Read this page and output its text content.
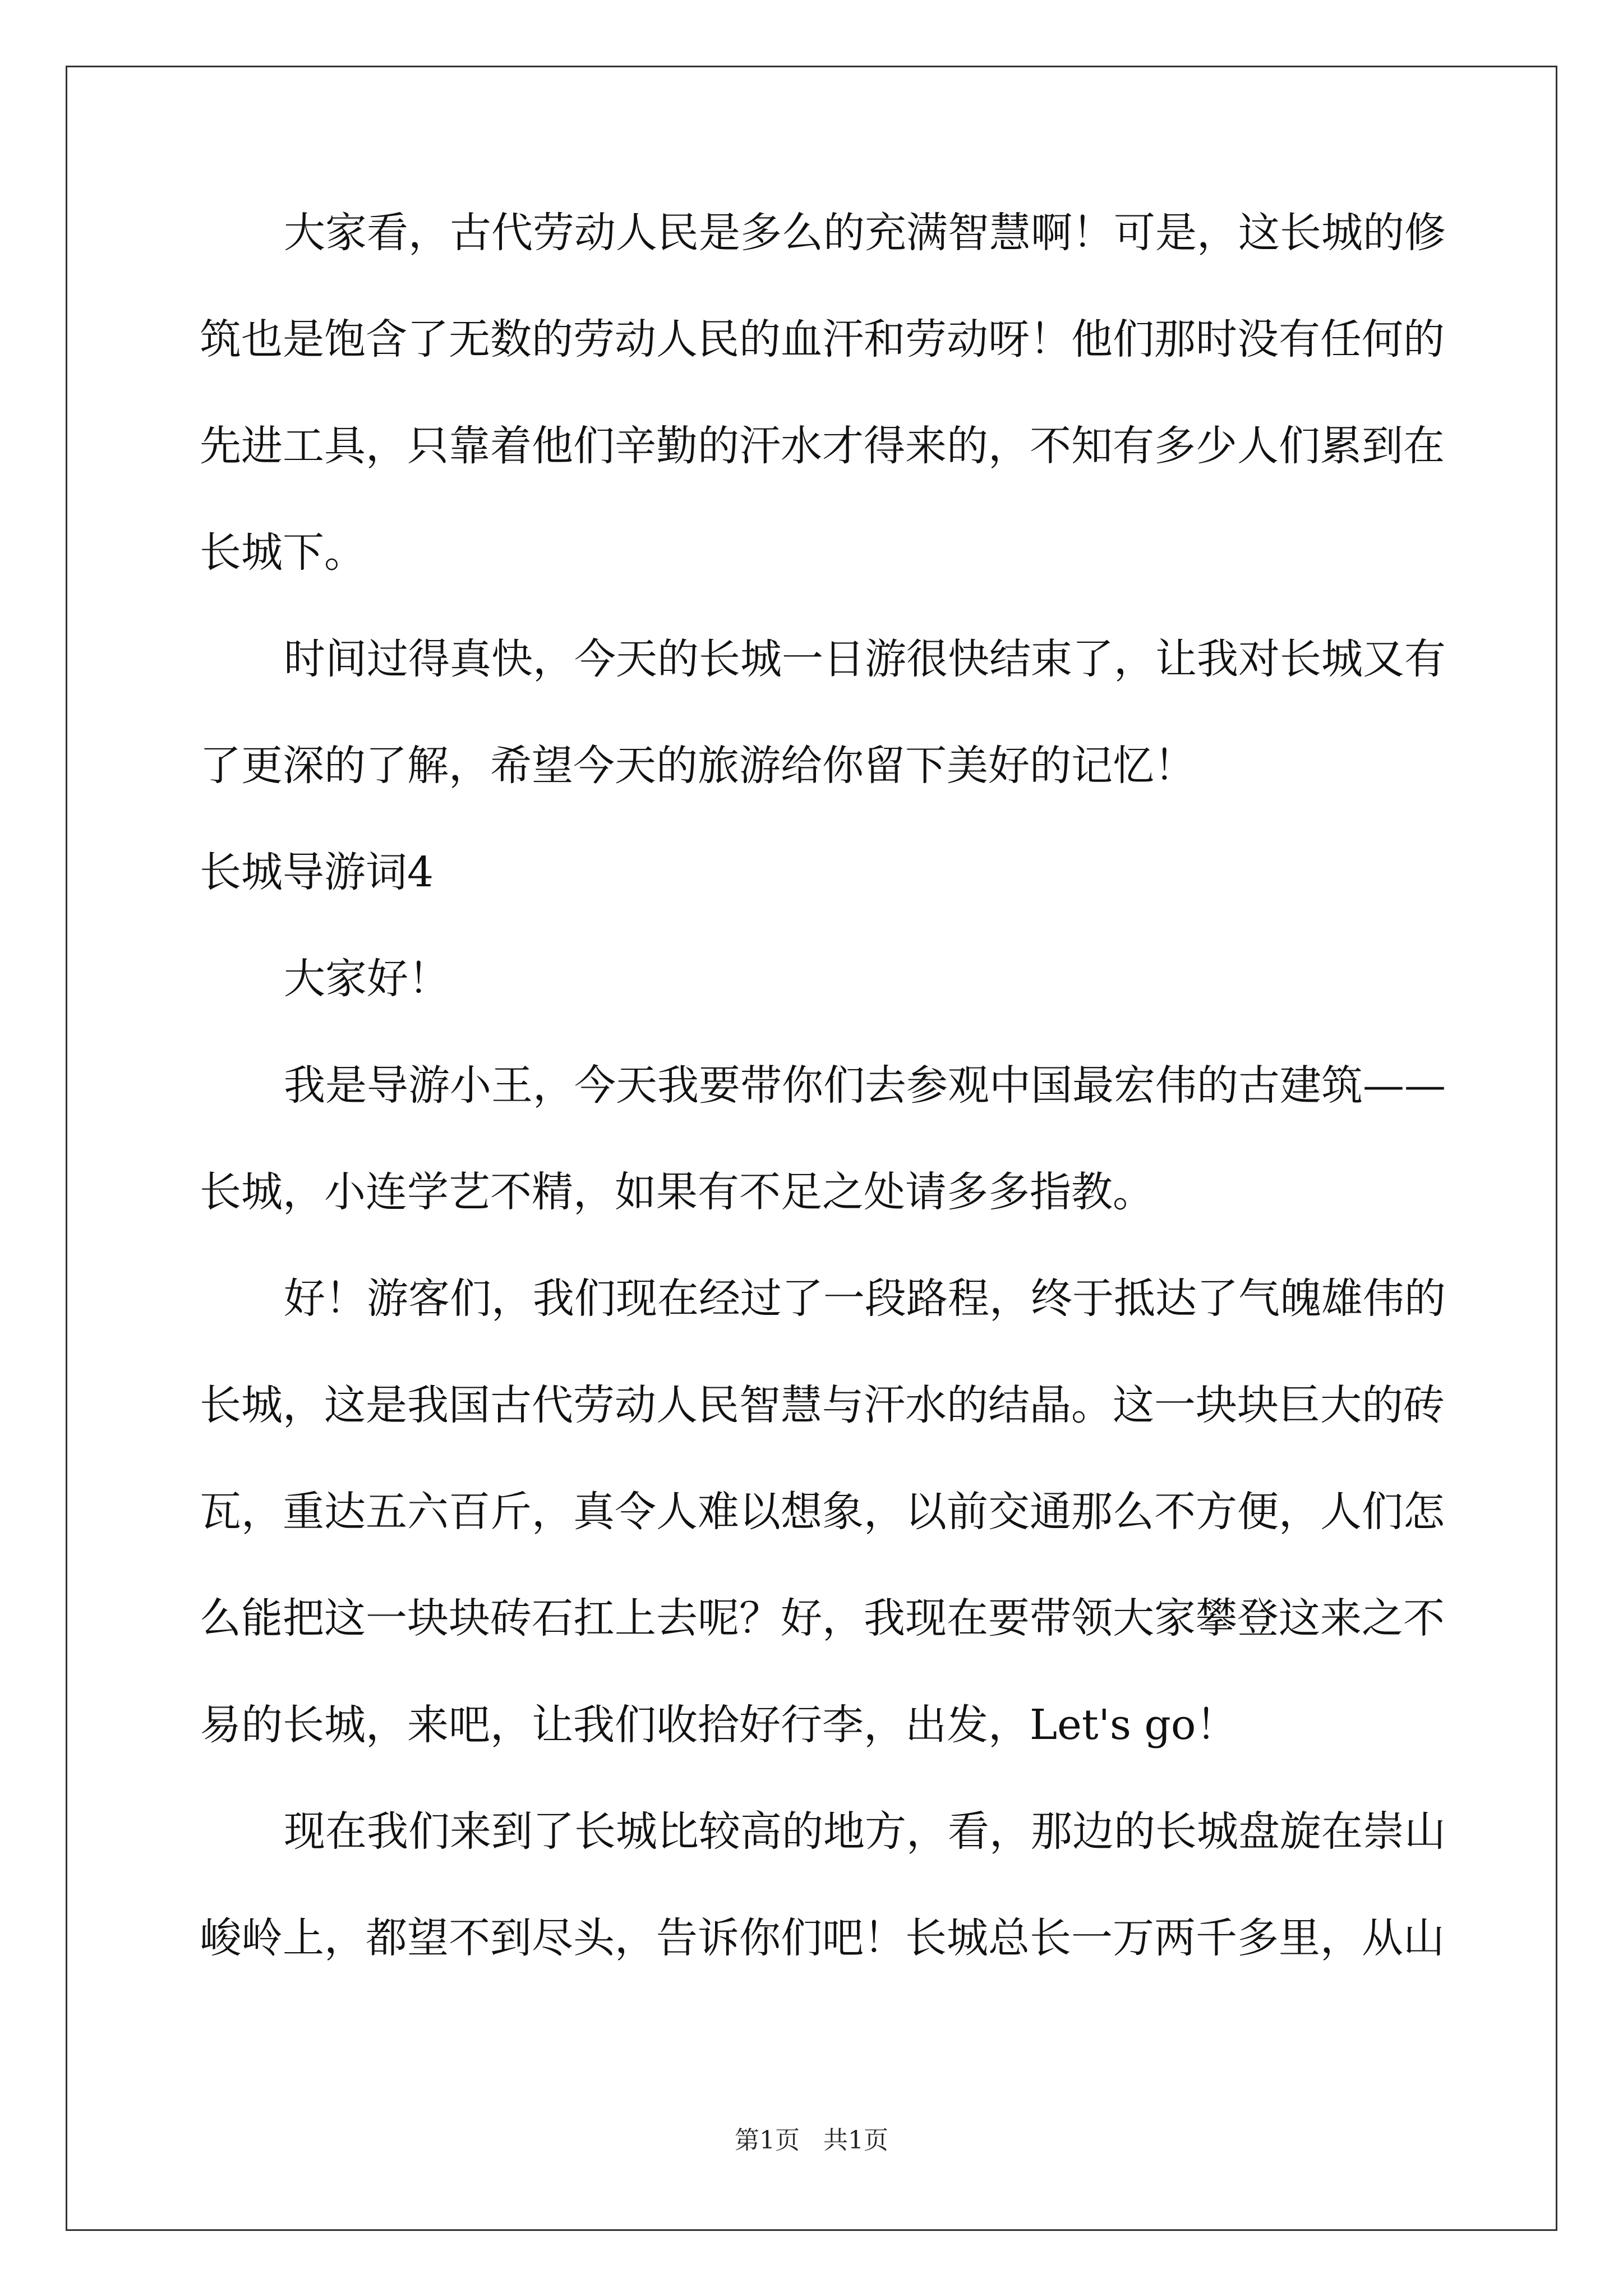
大家看，古代劳动人民是多么的充满智慧啊！可是，这长城的修
筑也是饱含了无数的劳动人民的血汗和劳动呀！他们那时没有任何的
先进工具，只靠着他们辛勤的汗水才得来的，不知有多少人们累到在
长城下。
时间过得真快，今天的长城一日游很快结束了，让我对长城又有
了更深的了解，希望今天的旅游给你留下美好的记忆！
长城导游词4
大家好！
我是导游小王，今天我要带你们去参观中国最宏伟的古建筑——
长城，小连学艺不精，如果有不足之处请多多指教。
好！游客们，我们现在经过了一段路程，终于抵达了气魄雄伟的
长城，这是我国古代劳动人民智慧与汗水的结晶。这一块块巨大的砖
瓦，重达五六百斤，真令人难以想象，以前交通那么不方便，人们怎
么能把这一块块砖石扛上去呢？好，我现在要带领大家攀登这来之不
易的长城，来吧，让我们收拾好行李，出发，Let's go！
现在我们来到了长城比较高的地方，看，那边的长城盘旋在崇山
峻岭上，都望不到尽头，告诉你们吧！长城总长一万两千多里，从山
第1页 共1页
